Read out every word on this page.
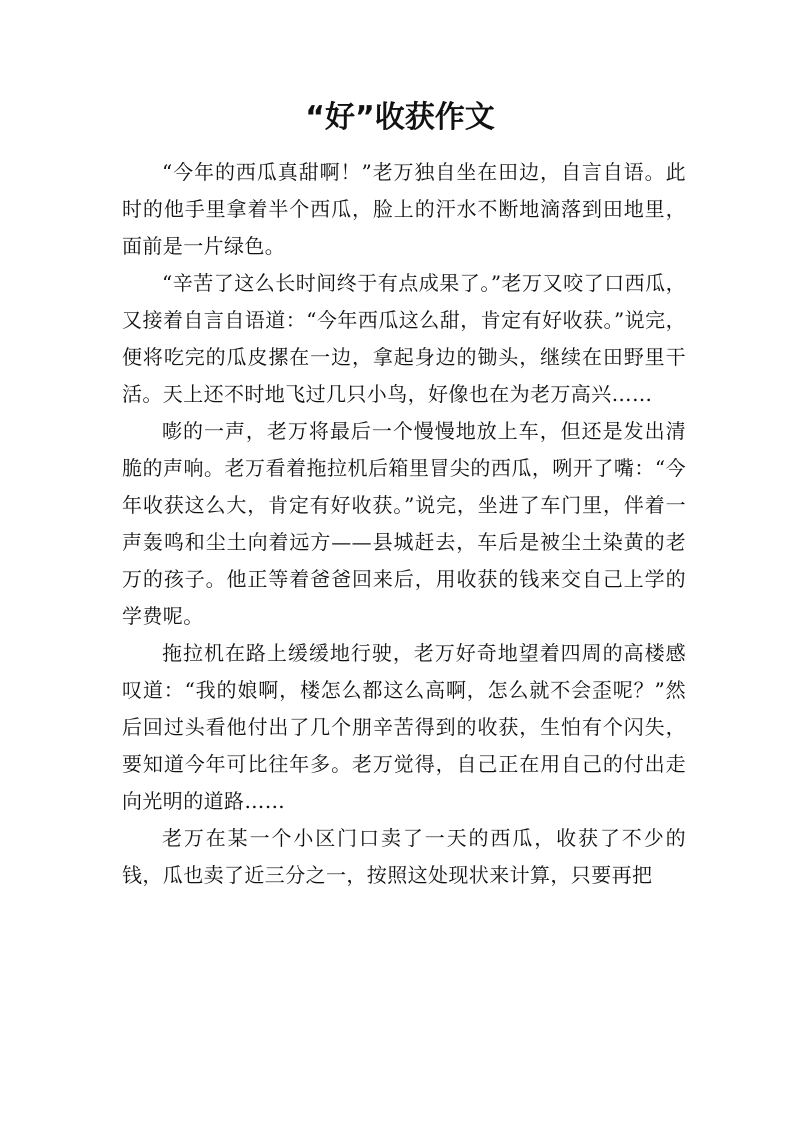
“好”收获作文

“今年的西瓜真甜啊！”老万独自坐在田边，自言自语。此时的他手里拿着半个西瓜，脸上的汗水不断地滴落到田地里，面前是一片绿色。

“辛苦了这么长时间终于有点成果了。”老万又咬了口西瓜，又接着自言自语道：“今年西瓜这么甜，肯定有好收获。”说完，便将吃完的瓜皮摞在一边，拿起身边的锄头，继续在田野里干活。天上还不时地飞过几只小鸟，好像也在为老万高兴……

嘭的一声，老万将最后一个慢慢地放上车，但还是发出清脆的声响。老万看着拖拉机后箱里冒尖的西瓜，咧开了嘴：“今年收获这么大，肯定有好收获。”说完，坐进了车门里，伴着一声轰鸣和尘土向着远方——县城赶去，车后是被尘土染黄的老万的孩子。他正等着爸爸回来后，用收获的钱来交自己上学的学费呢。

拖拉机在路上缓缓地行驶，老万好奇地望着四周的高楼感叹道：“我的娘啊，楼怎么都这么高啊，怎么就不会歪呢？”然后回过头看他付出了几个朋辛苦得到的收获，生怕有个闪失，要知道今年可比往年多。老万觉得，自己正在用自己的付出走向光明的道路……

老万在某一个小区门口卖了一天的西瓜，收获了不少的钱，瓜也卖了近三分之一，按照这处现状来计算，只要再把
